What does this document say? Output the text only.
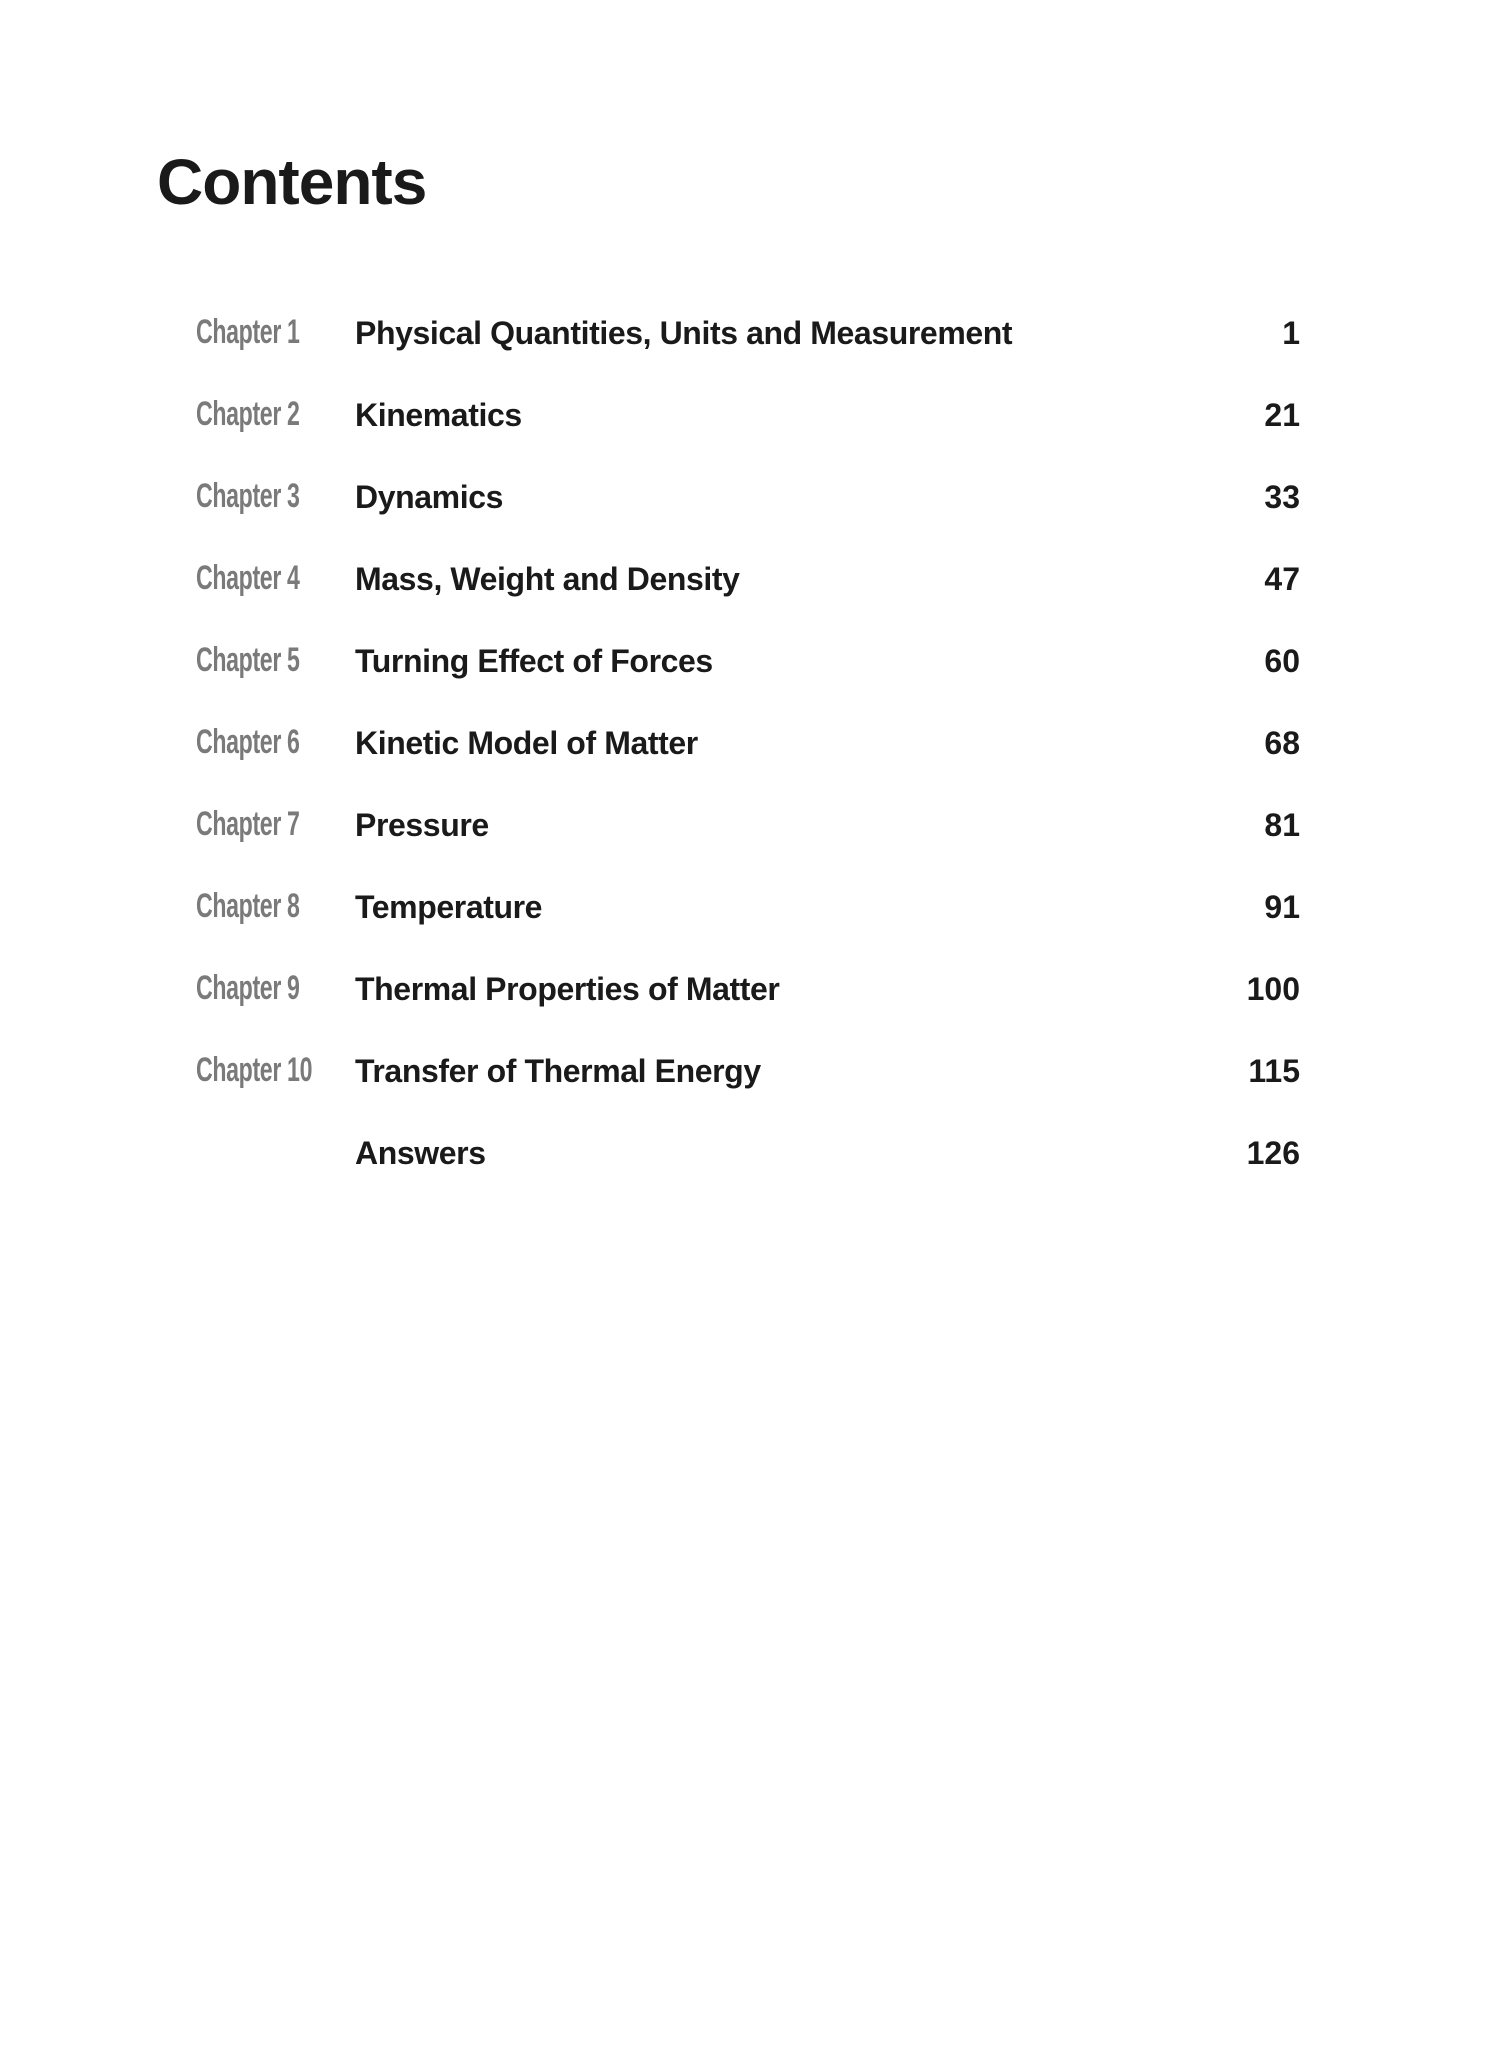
Contents
Chapter 1 Physical Quantities, Units and Measurement	1
Chapter 2 Kinematics	21
Chapter 3 Dynamics	33
Chapter 4 Mass, Weight and Density	47
Chapter 5 Turning Effect of Forces	60
Chapter 6 Kinetic Model of Matter	68
Chapter 7 Pressure	81
Chapter 8 Temperature	91
Chapter 9 Thermal Properties of Matter	100
Chapter 10 Transfer of Thermal Energy	115
Answers	126
